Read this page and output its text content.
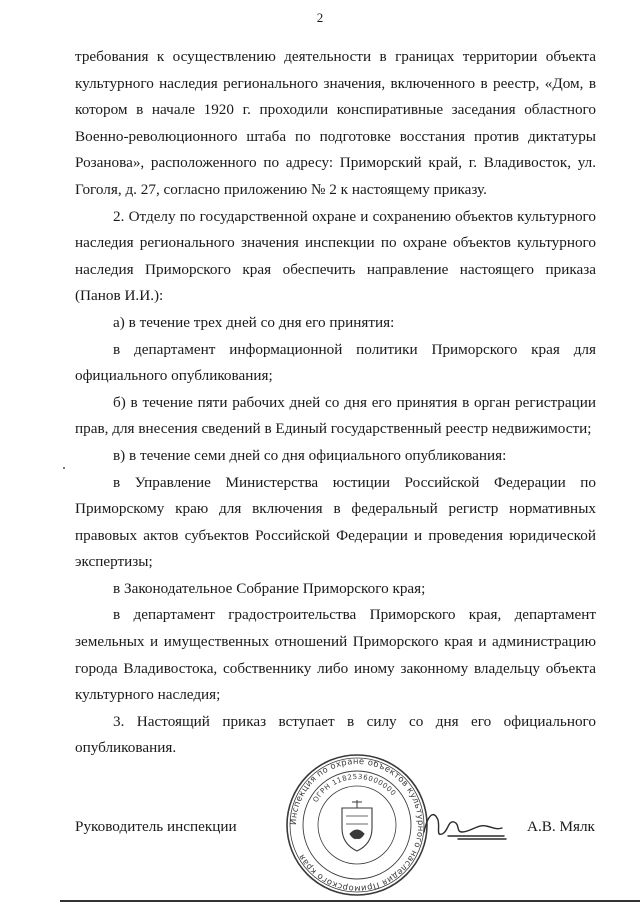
2

требования к осуществлению деятельности в границах территории объекта культурного наследия регионального значения, включенного в реестр, «Дом, в котором в начале 1920 г. проходили конспиративные заседания областного Военно-революционного штаба по подготовке восстания против диктатуры Розанова», расположенного по адресу: Приморский край, г. Владивосток, ул. Гоголя, д. 27, согласно приложению № 2 к настоящему приказу.

2. Отделу по государственной охране и сохранению объектов культурного наследия регионального значения инспекции по охране объектов культурного наследия Приморского края обеспечить направление настоящего приказа (Панов И.И.):

а) в течение трех дней со дня его принятия:

в департамент информационной политики Приморского края для официального опубликования;

б) в течение пяти рабочих дней со дня его принятия в орган регистрации прав, для внесения сведений в Единый государственный реестр недвижимости;

в) в течение семи дней со дня официального опубликования:

в Управление Министерства юстиции Российской Федерации по Приморскому краю для включения в федеральный регистр нормативных правовых актов субъектов Российской Федерации и проведения юридической экспертизы;

в Законодательное Собрание Приморского края;

в департамент градостроительства Приморского края, департамент земельных и имущественных отношений Приморского края и администрацию города Владивостока, собственнику либо иному законному владельцу объекта культурного наследия;

3. Настоящий приказ вступает в силу со дня его официального опубликования.

Руководитель инспекции	Инспекция по охране объектов культурного наследия Приморского края
ОГРН 1182536000000
А.В. Мялк
